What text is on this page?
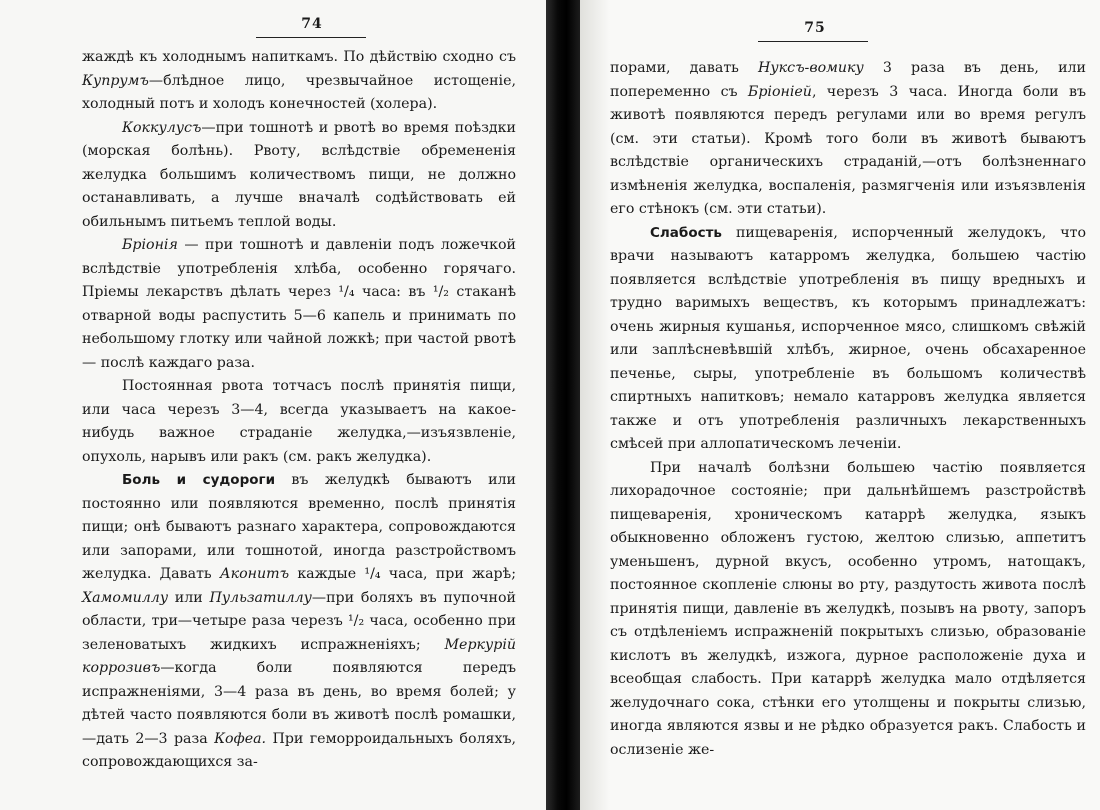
74

жаждѣ къ холоднымъ напиткамъ. По дѣйствію сходно съ Купрумъ—блѣдное лицо, чрезвычайное истощеніе, холодный потъ и холодъ конечностей (холера).

Коккулусъ—при тошнотѣ и рвотѣ во время поѣздки (морская болѣнь). Рвоту, вслѣдствіе обремененія желудка большимъ количествомъ пищи, не должно останавливать, а лучше вначалѣ содѣйствовать ей обильнымъ питьемъ теплой воды.

Бріонія — при тошнотѣ и давленіи подъ ложечкой вслѣдствіе употребленія хлѣба, особенно горячаго. Пріемы лекарствъ дѣлать через ¹/₄ часа: въ ¹/₂ стаканѣ отварной воды распустить 5—6 капель и принимать по небольшому глотку или чайной ложкѣ; при частой рвотѣ — послѣ каждаго раза.

Постоянная рвота тотчасъ послѣ принятія пищи, или часа черезъ 3—4, всегда указываетъ на какое-нибудь важное страданіе желудка,—изъязвленіе, опухоль, нарывъ или ракъ (см. ракъ желудка).

Боль и судороги въ желудкѣ бываютъ или постоянно или появляются временно, послѣ принятія пищи; онѣ бываютъ разнаго характера, сопровождаются или запорами, или тошнотой, иногда разстройствомъ желудка. Давать Аконитъ каждые ¹/₄ часа, при жарѣ; Хамомиллу или Пульзатиллу—при боляхъ въ пупочной области, три—четыре раза черезъ ¹/₂ часа, особенно при зеленоватыхъ жидкихъ испражненіяхъ; Меркурій коррозивъ—когда боли появляются передъ испражненіями, 3—4 раза въ день, во время болей; у дѣтей часто появляются боли въ животѣ послѣ ромашки,—дать 2—3 раза Кофеа. При геморроидальныхъ боляхъ, сопровождающихся за-

75

порами, давать Нуксъ-вомику 3 раза въ день, или попеременно съ Бріоніей, черезъ 3 часа. Иногда боли въ животѣ появляются передъ регулами или во время регулъ (см. эти статьи). Кромѣ того боли въ животѣ бываютъ вслѣдствіе органическихъ страданій,—отъ болѣзненнаго измѣненія желудка, воспаленія, размягченія или изъязвленія его стѣнокъ (см. эти статьи).

Слабость пищеваренія, испорченный желудокъ, что врачи называютъ катарромъ желудка, большею частію появляется вслѣдствіе употребленія въ пищу вредныхъ и трудно варимыхъ веществъ, къ которымъ принадлежатъ: очень жирныя кушанья, испорченное мясо, слишкомъ свѣжій или заплѣсневѣвшій хлѣбъ, жирное, очень обсахаренное печенье, сыры, употребленіе въ большомъ количествѣ спиртныхъ напитковъ; немало катарровъ желудка является также и отъ употребленія различныхъ лекарственныхъ смѣсей при аллопатическомъ леченіи.

При началѣ болѣзни большею частію появляется лихорадочное состояніе; при дальнѣйшемъ разстройствѣ пищеваренія, хроническомъ катаррѣ желудка, языкъ обыкновенно обложенъ густою, желтою слизью, аппетитъ уменьшенъ, дурной вкусъ, особенно утромъ, натощакъ, постоянное скопленіе слюны во рту, раздутость живота послѣ принятія пищи, давленіе въ желудкѣ, позывъ на рвоту, запоръ съ отдѣленіемъ испражненій покрытыхъ слизью, образованіе кислотъ въ желудкѣ, изжога, дурное расположеніе духа и всеобщая слабость. При катаррѣ желудка мало отдѣляется желудочнаго сока, стѣнки его утолщены и покрыты слизью, иногда являются язвы и не рѣдко образуется ракъ. Слабость и ослизеніе же-
